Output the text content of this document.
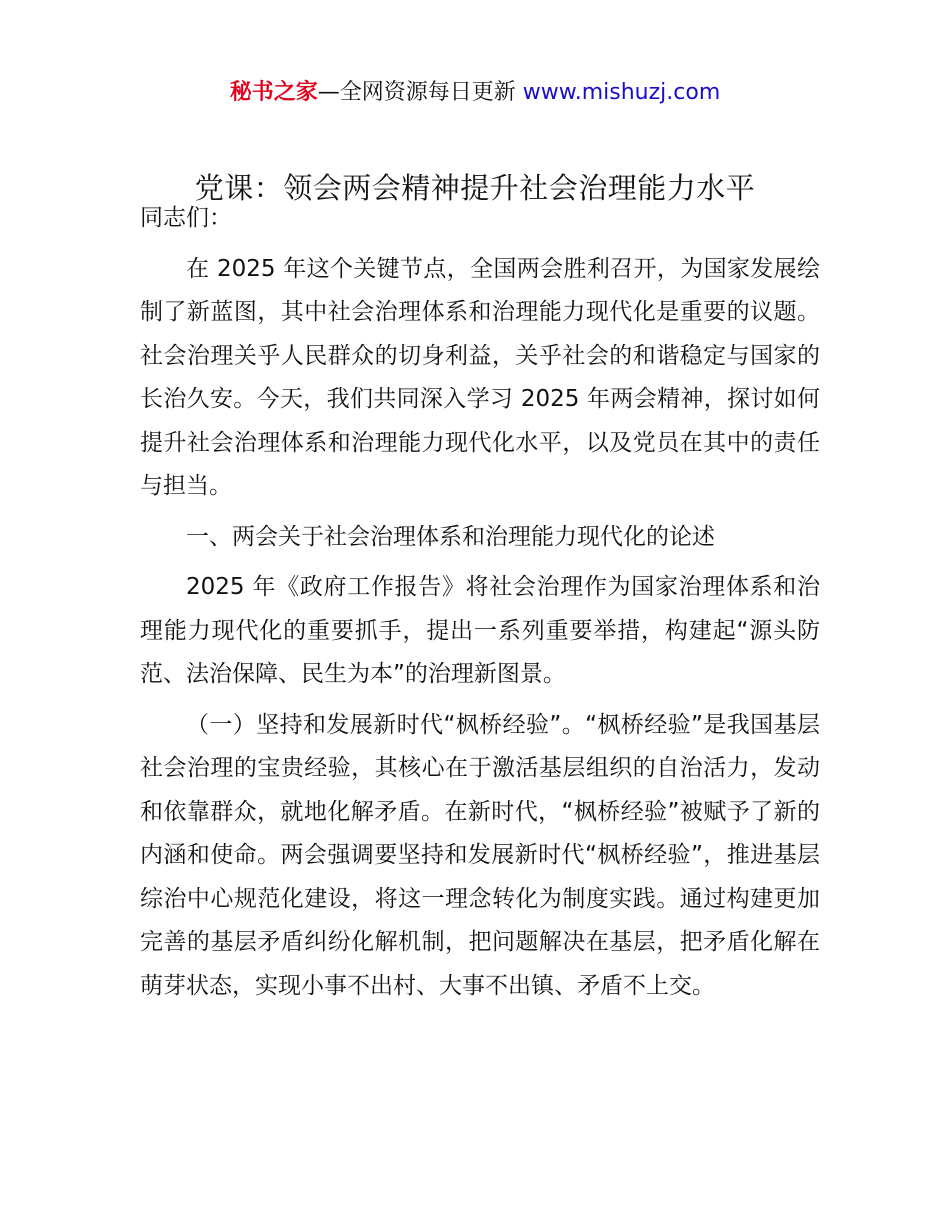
秘书之家—全网资源每日更新 www.mishuzj.com
党课：领会两会精神提升社会治理能力水平

同志们：

在 2025 年这个关键节点，全国两会胜利召开，为国家发展绘制了新蓝图，其中社会治理体系和治理能力现代化是重要的议题。社会治理关乎人民群众的切身利益，关乎社会的和谐稳定与国家的长治久安。今天，我们共同深入学习 2025 年两会精神，探讨如何提升社会治理体系和治理能力现代化水平，以及党员在其中的责任与担当。

一、两会关于社会治理体系和治理能力现代化的论述

2025 年《政府工作报告》将社会治理作为国家治理体系和治理能力现代化的重要抓手，提出一系列重要举措，构建起“源头防范、法治保障、民生为本”的治理新图景。

（一）坚持和发展新时代“枫桥经验”。“枫桥经验”是我国基层社会治理的宝贵经验，其核心在于激活基层组织的自治活力，发动和依靠群众，就地化解矛盾。在新时代，“枫桥经验”被赋予了新的内涵和使命。两会强调要坚持和发展新时代“枫桥经验”，推进基层综治中心规范化建设，将这一理念转化为制度实践。通过构建更加完善的基层矛盾纠纷化解机制，把问题解决在基层，把矛盾化解在萌芽状态，实现小事不出村、大事不出镇、矛盾不上交。
